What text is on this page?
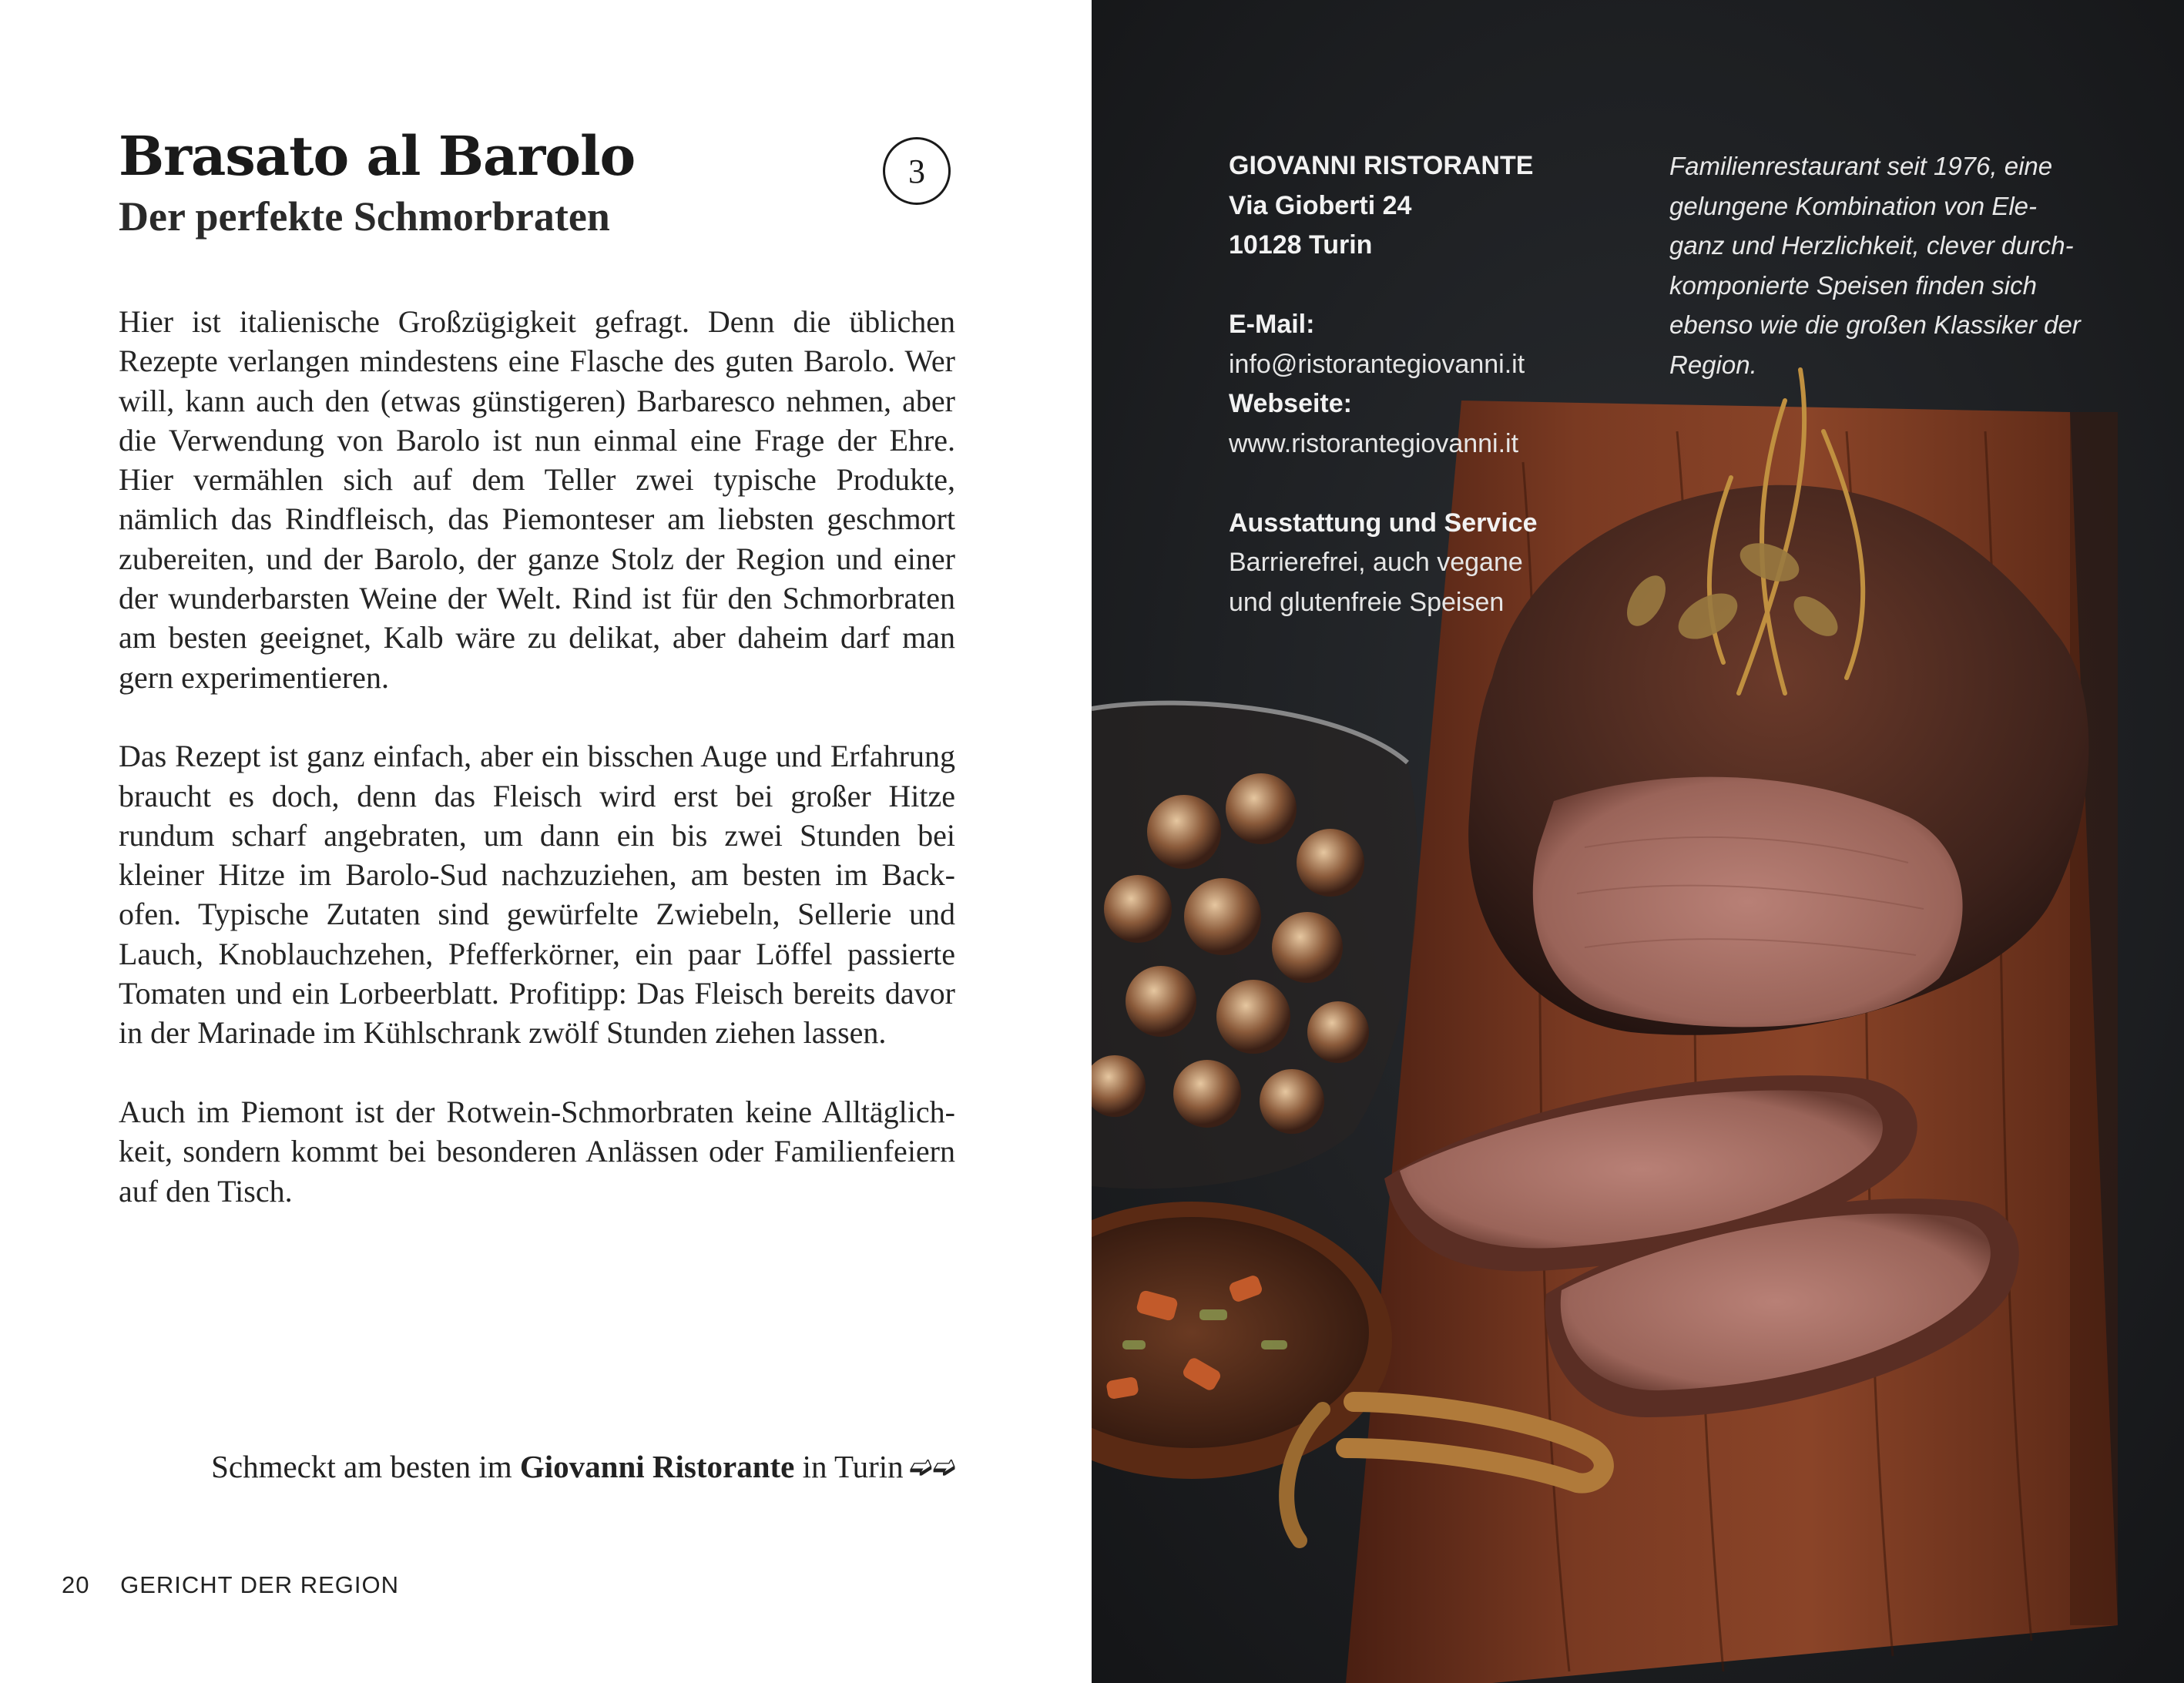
Brasato al Barolo
Der perfekte Schmorbraten
3

Hier ist italienische Großzügigkeit gefragt. Denn die üblichen Rezepte verlangen mindestens eine Flasche des guten Barolo. Wer will, kann auch den (etwas günstigeren) Barbaresco nehmen, aber die Verwendung von Barolo ist nun einmal eine Frage der Ehre. Hier vermählen sich auf dem Teller zwei typische Produkte, nämlich das Rindfleisch, das Piemonteser am liebsten geschmort zubereiten, und der Barolo, der ganze Stolz der Region und einer der wunderbarsten Weine der Welt. Rind ist für den Schmorbraten am besten geeignet, Kalb wäre zu delikat, aber daheim darf man gern experimentieren.

Das Rezept ist ganz einfach, aber ein bisschen Auge und Erfahrung braucht es doch, denn das Fleisch wird erst bei großer Hitze rundum scharf angebraten, um dann ein bis zwei Stunden bei kleiner Hitze im Barolo-Sud nachzuziehen, am besten im Backofen. Typische Zutaten sind gewürfelte Zwiebeln, Sellerie und Lauch, Knoblauchzehen, Pfefferkörner, ein paar Löffel passierte Tomaten und ein Lorbeerblatt. Profitipp: Das Fleisch bereits davor in der Marinade im Kühlschrank zwölf Stunden ziehen lassen.

Auch im Piemont ist der Rotwein-Schmorbraten keine Alltäglichkeit, sondern kommt bei besonderen Anlässen oder Familienfeiern auf den Tisch.

Schmeckt am besten im Giovanni Ristorante in Turin ➫➫
20 GERICHT DER REGION
GIOVANNI RISTORANTE
Via Gioberti 24
10128 Turin
E-Mail:
info@ristorantegiovanni.it
Webseite:
www.ristorantegiovanni.it
Ausstattung und Service
Barrierefrei, auch vegane
und glutenfreie Speisen
Familienrestaurant seit 1976, eine
gelungene Kombination von Ele-
ganz und Herzlichkeit, clever durch-
komponierte Speisen finden sich
ebenso wie die großen Klassiker der
Region.
